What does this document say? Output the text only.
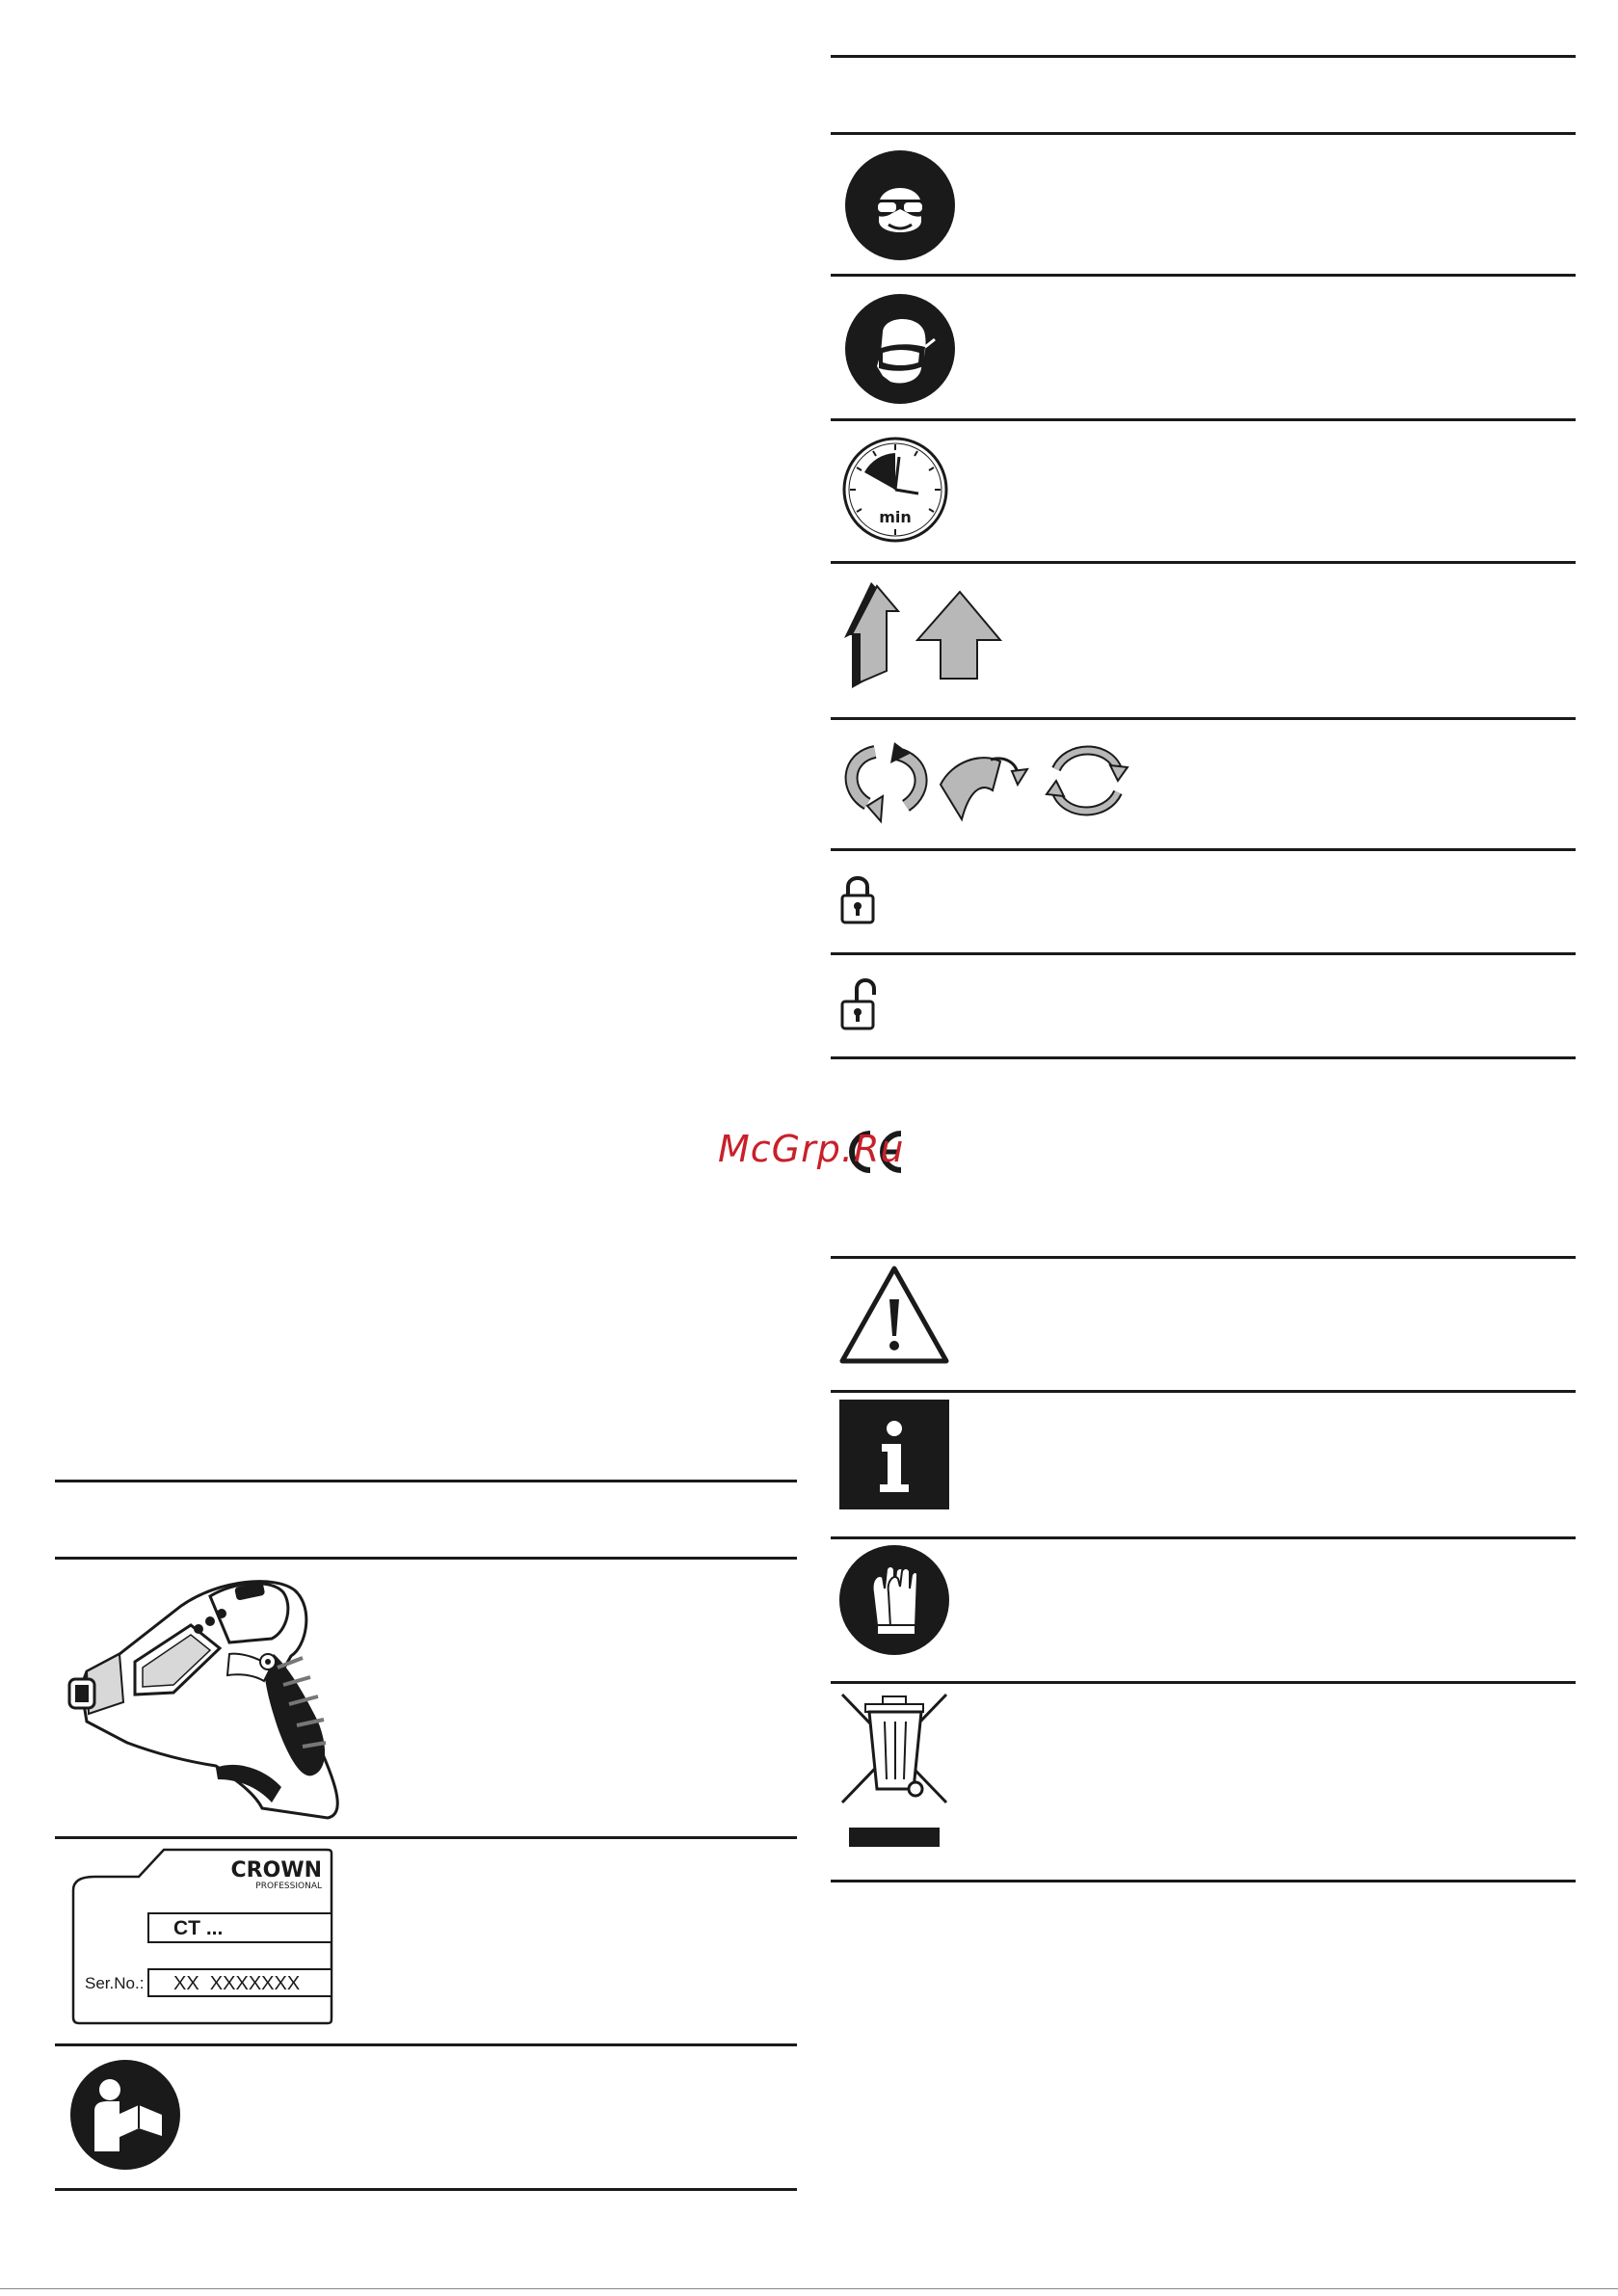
min
McGrp.Ru
CROWN
PROFESSIONAL
CT ...
Ser.No.: XX  XXXXXXX
